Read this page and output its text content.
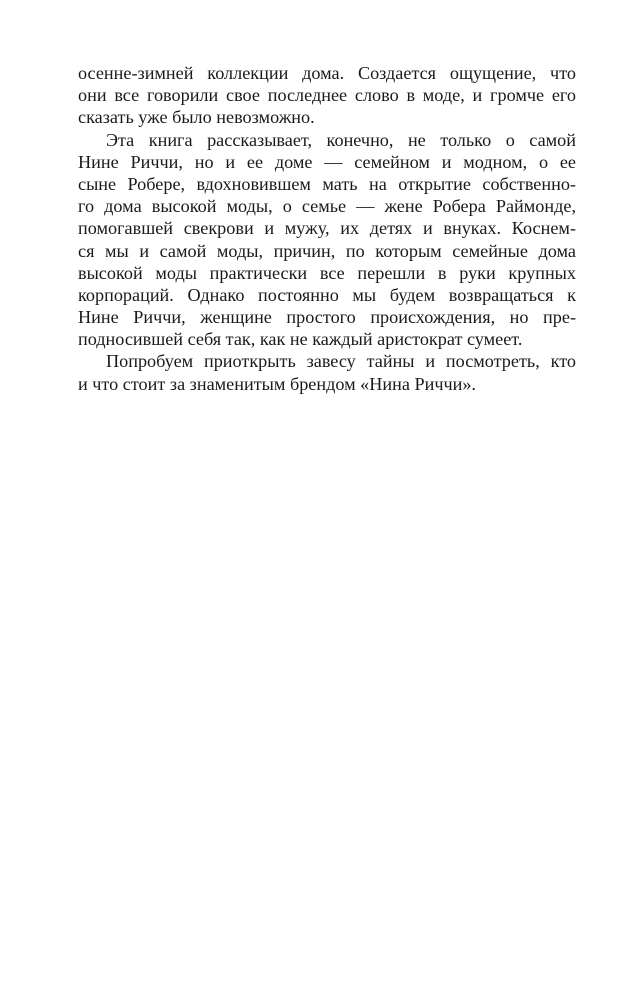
осенне-зимней коллекции дома. Создается ощущение, что
они все говорили свое последнее слово в моде, и громче его
сказать уже было невозможно.

Эта книга рассказывает, конечно, не только о самой
Нине Риччи, но и ее доме — семейном и модном, о ее
сыне Робере, вдохновившем мать на открытие собственно-
го дома высокой моды, о семье — жене Робера Раймонде,
помогавшей свекрови и мужу, их детях и внуках. Коснем-
ся мы и самой моды, причин, по которым семейные дома
высокой моды практически все перешли в руки крупных
корпораций. Однако постоянно мы будем возвращаться к
Нине Риччи, женщине простого происхождения, но пре-
подносившей себя так, как не каждый аристократ сумеет.

Попробуем приоткрыть завесу тайны и посмотреть, кто
и что стоит за знаменитым брендом «Нина Риччи».
